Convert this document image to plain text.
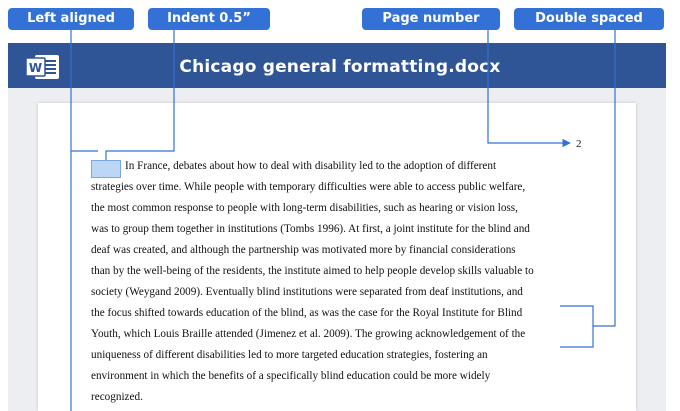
W	Chicago general formatting.docx
2
In France, debates about how to deal with disability led to the adoption of different
strategies over time. While people with temporary difficulties were able to access public welfare,
the most common response to people with long-term disabilities, such as hearing or vision loss,
was to group them together in institutions (Tombs 1996). At first, a joint institute for the blind and
deaf was created, and although the partnership was motivated more by financial considerations
than by the well-being of the residents, the institute aimed to help people develop skills valuable to
society (Weygand 2009). Eventually blind institutions were separated from deaf institutions, and
the focus shifted towards education of the blind, as was the case for the Royal Institute for Blind
Youth, which Louis Braille attended (Jimenez et al. 2009). The growing acknowledgement of the
uniqueness of different disabilities led to more targeted education strategies, fostering an
environment in which the benefits of a specifically blind education could be more widely
recognized.
Left aligned	Indent 0.5”	Page number	Double spaced
